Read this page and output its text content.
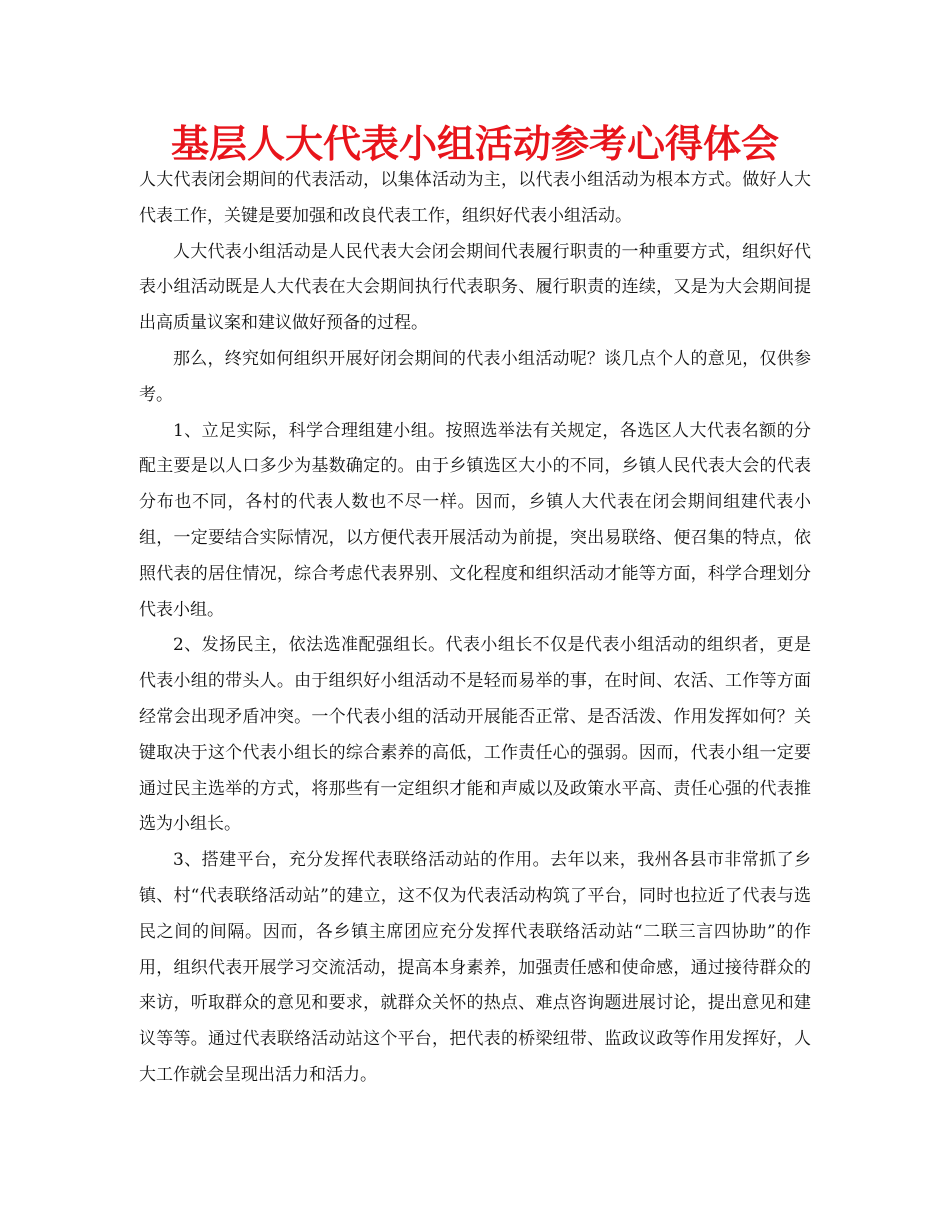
基层人大代表小组活动参考心得体会

人大代表闭会期间的代表活动，以集体活动为主，以代表小组活动为根本方式。做好人大代表工作，关键是要加强和改良代表工作，组织好代表小组活动。

人大代表小组活动是人民代表大会闭会期间代表履行职责的一种重要方式，组织好代表小组活动既是人大代表在大会期间执行代表职务、履行职责的连续，又是为大会期间提出高质量议案和建议做好预备的过程。

那么，终究如何组织开展好闭会期间的代表小组活动呢？谈几点个人的意见，仅供参考。

1、立足实际，科学合理组建小组。按照选举法有关规定，各选区人大代表名额的分配主要是以人口多少为基数确定的。由于乡镇选区大小的不同，乡镇人民代表大会的代表分布也不同，各村的代表人数也不尽一样。因而，乡镇人大代表在闭会期间组建代表小组，一定要结合实际情况，以方便代表开展活动为前提，突出易联络、便召集的特点，依照代表的居住情况，综合考虑代表界别、文化程度和组织活动才能等方面，科学合理划分代表小组。

2、发扬民主，依法选准配强组长。代表小组长不仅是代表小组活动的组织者，更是代表小组的带头人。由于组织好小组活动不是轻而易举的事，在时间、农活、工作等方面经常会出现矛盾冲突。一个代表小组的活动开展能否正常、是否活泼、作用发挥如何？关键取决于这个代表小组长的综合素养的高低，工作责任心的强弱。因而，代表小组一定要通过民主选举的方式，将那些有一定组织才能和声威以及政策水平高、责任心强的代表推选为小组长。

3、搭建平台，充分发挥代表联络活动站的作用。去年以来，我州各县市非常抓了乡镇、村“代表联络活动站”的建立，这不仅为代表活动构筑了平台，同时也拉近了代表与选民之间的间隔。因而，各乡镇主席团应充分发挥代表联络活动站“二联三言四协助”的作用，组织代表开展学习交流活动，提高本身素养，加强责任感和使命感，通过接待群众的来访，听取群众的意见和要求，就群众关怀的热点、难点咨询题进展讨论，提出意见和建议等等。通过代表联络活动站这个平台，把代表的桥梁纽带、监政议政等作用发挥好，人大工作就会呈现出活力和活力。
